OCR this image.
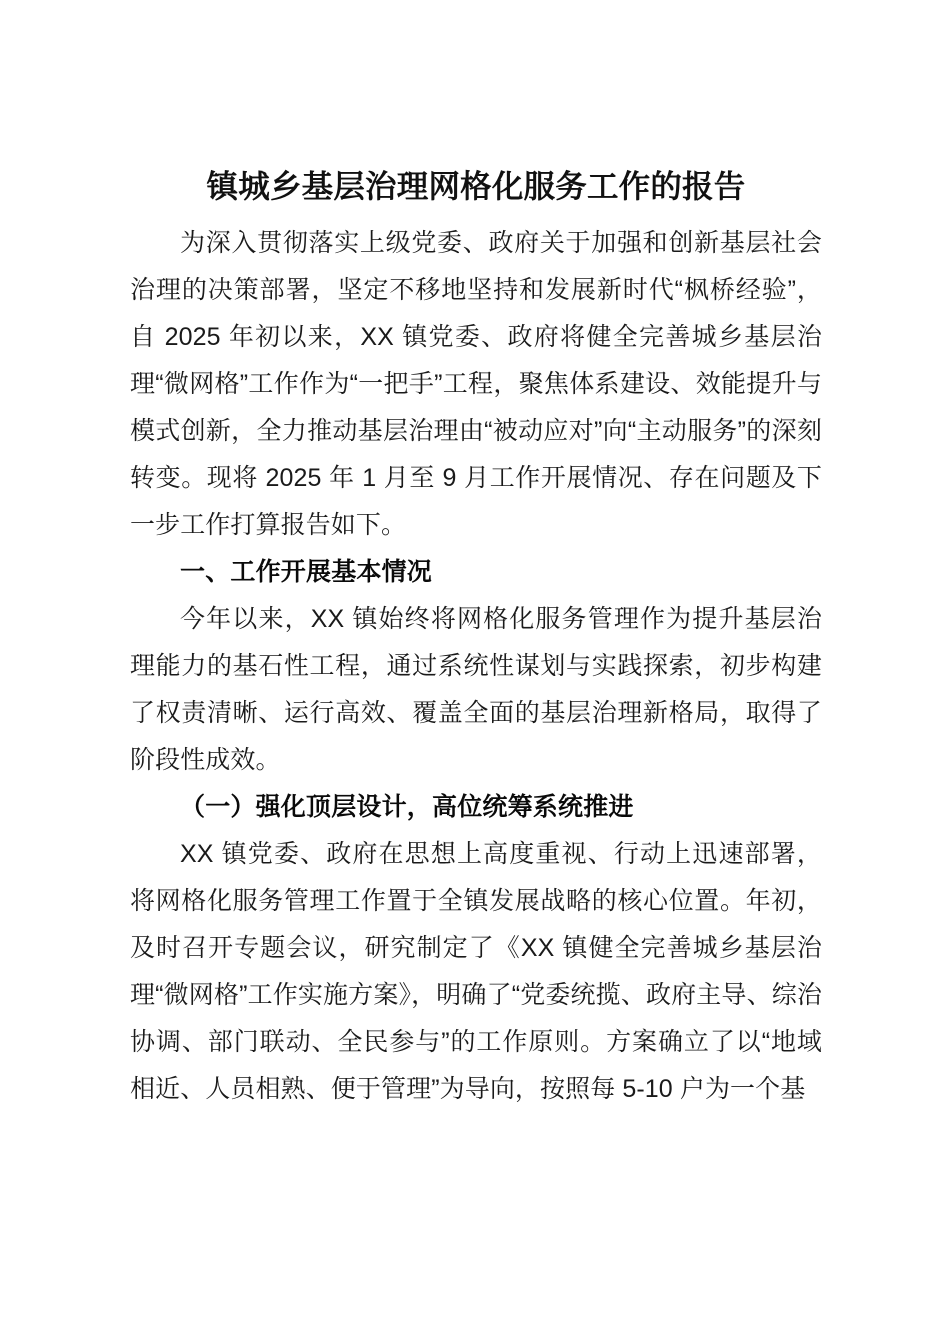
镇城乡基层治理网格化服务工作的报告

为深入贯彻落实上级党委、政府关于加强和创新基层社会治理的决策部署，坚定不移地坚持和发展新时代“枫桥经验”，自 2025 年初以来，XX 镇党委、政府将健全完善城乡基层治理“微网格”工作作为“一把手”工程，聚焦体系建设、效能提升与模式创新，全力推动基层治理由“被动应对”向“主动服务”的深刻转变。现将 2025 年 1 月至 9 月工作开展情况、存在问题及下一步工作打算报告如下。

一、工作开展基本情况

今年以来，XX 镇始终将网格化服务管理作为提升基层治理能力的基石性工程，通过系统性谋划与实践探索，初步构建了权责清晰、运行高效、覆盖全面的基层治理新格局，取得了阶段性成效。

（一）强化顶层设计，高位统筹系统推进

XX 镇党委、政府在思想上高度重视、行动上迅速部署，将网格化服务管理工作置于全镇发展战略的核心位置。年初，及时召开专题会议，研究制定了《XX 镇健全完善城乡基层治理“微网格”工作实施方案》，明确了“党委统揽、政府主导、综治协调、部门联动、全民参与”的工作原则。方案确立了以“地域相近、人员相熟、便于管理”为导向，按照每 5-10 户为一个基
